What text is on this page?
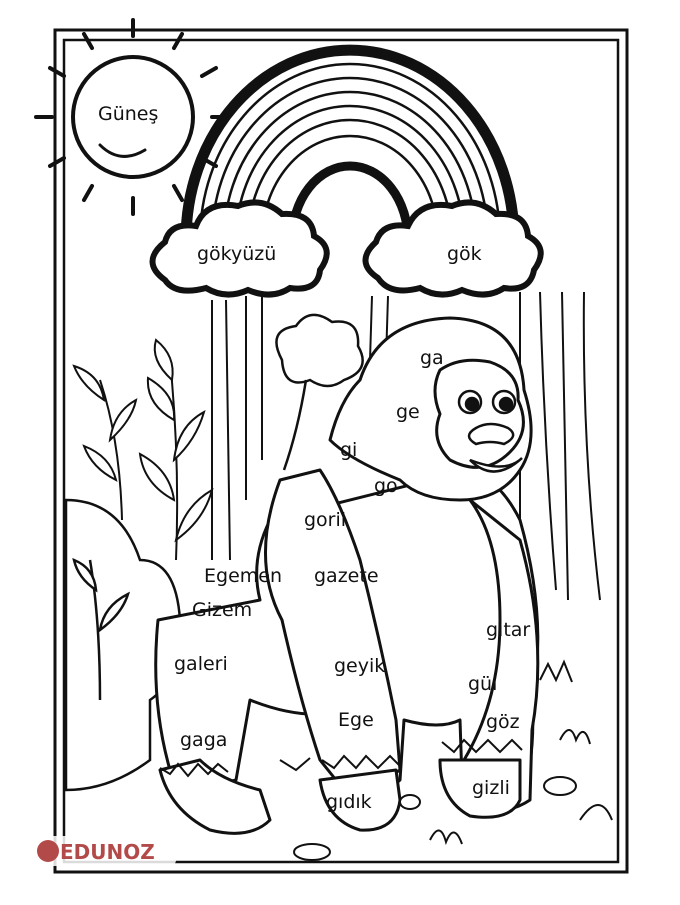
Güneş
gökyüzü	gök
ga
ge
gi
go
goril
Egemen gazete
Gizem
gitar
galeri	geyik
gül
Ege	göz
gaga
gizli
gıdık
EDUNOZ
